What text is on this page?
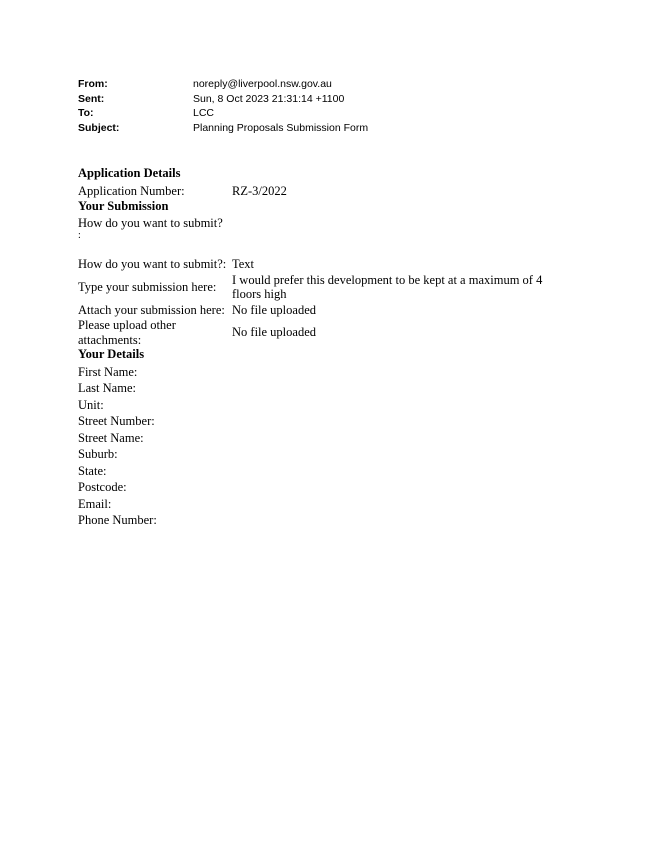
From:	noreply@liverpool.nsw.gov.au
Sent:	Sun, 8 Oct 2023 21:31:14 +1100
To:	LCC
Subject:	Planning Proposals Submission Form
Application Details
Application Number:	RZ-3/2022
Your Submission
How do you want to submit?
:
How do you want to submit?: Text
Type your submission here:
I would prefer this development to be kept at a maximum of 4 floors high
Attach your submission here: No file uploaded
Please upload other attachments:
No file uploaded
Your Details
First Name:
Last Name:
Unit:
Street Number:
Street Name:
Suburb:
State:
Postcode:
Email:
Phone Number:
